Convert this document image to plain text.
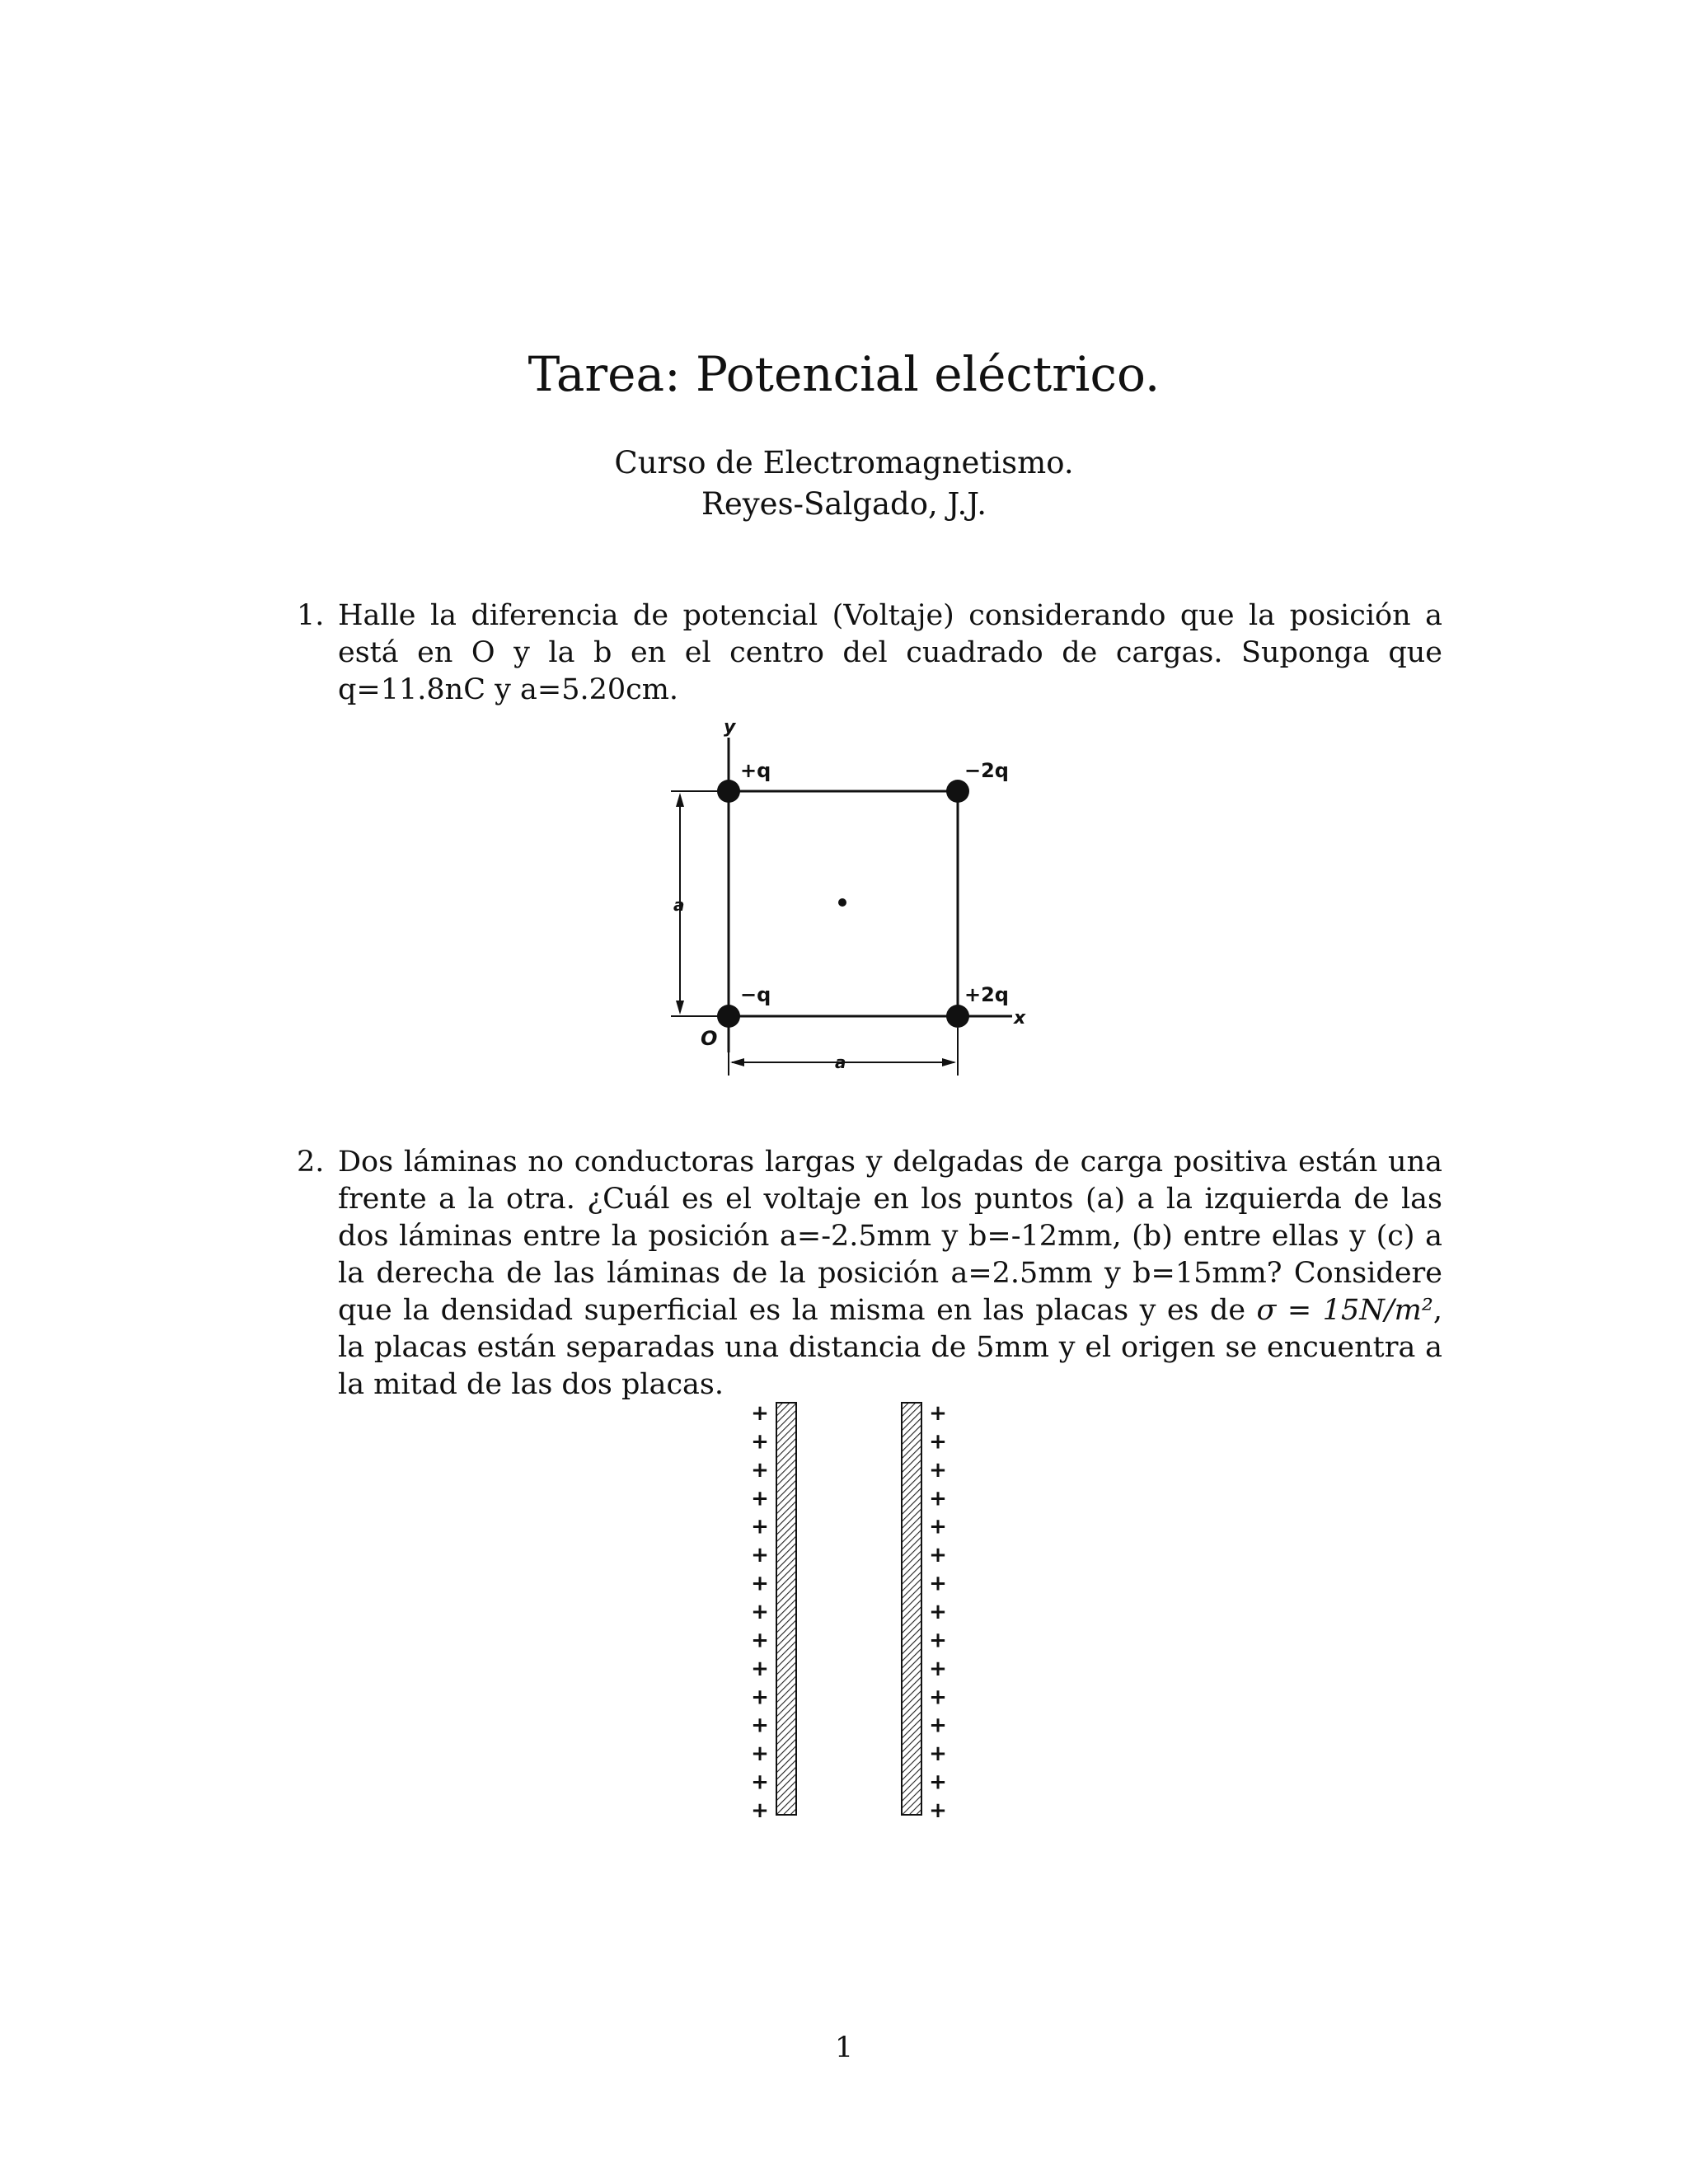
Tarea: Potencial eléctrico.
Curso de Electromagnetismo.
Reyes-Salgado, J.J.
1. Halle la diferencia de potencial (Voltaje) considerando que la posición a está en O y la b en el centro del cuadrado de cargas. Suponga que q=11.8nC y a=5.20cm.
y
+q	−2q
−q	+2q
x
O
a
a
2. Dos láminas no conductoras largas y delgadas de carga positiva están una frente a la otra. ¿Cuál es el voltaje en los puntos (a) a la izquierda de las dos láminas entre la posición a=-2.5mm y b=-12mm, (b) entre ellas y (c) a la derecha de las láminas de la posición a=2.5mm y b=15mm? Considere que la densidad superficial es la misma en las placas y es de σ = 15N/m², la placas están separadas una distancia de 5mm y el origen se encuentra a la mitad de las dos placas.
+
+
+
+
+
+
+
+
+
+
+
+
+
+
+
+
+
+
+
+
+
+
+
+
+
+
+
+
+
+
1
